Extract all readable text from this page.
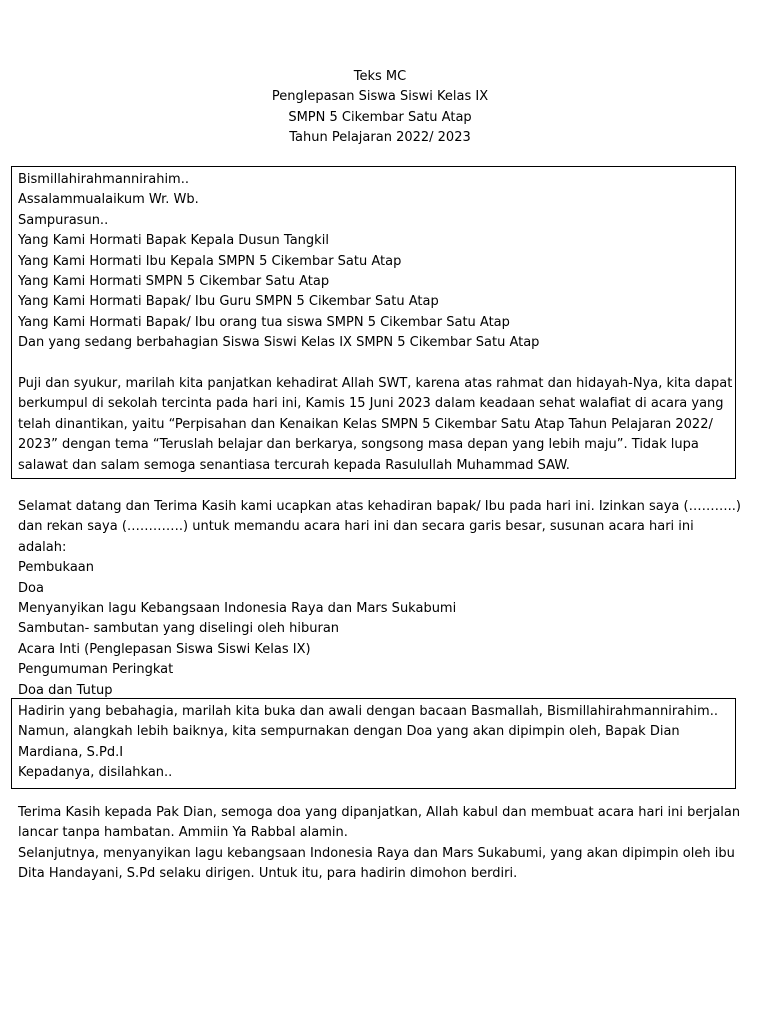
Teks MC
Penglepasan Siswa Siswi Kelas IX
SMPN 5 Cikembar Satu Atap
Tahun Pelajaran 2022/ 2023
Bismillahirahmannirahim..
Assalammualaikum Wr. Wb.
Sampurasun..
Yang Kami Hormati Bapak Kepala Dusun Tangkil
Yang Kami Hormati Ibu Kepala SMPN 5 Cikembar Satu Atap
Yang Kami Hormati SMPN 5 Cikembar Satu Atap
Yang Kami Hormati Bapak/ Ibu Guru SMPN 5 Cikembar Satu Atap
Yang Kami Hormati Bapak/ Ibu orang tua siswa SMPN 5 Cikembar Satu Atap
Dan yang sedang berbahagian Siswa Siswi Kelas IX SMPN 5 Cikembar Satu Atap
Puji dan syukur, marilah kita panjatkan kehadirat Allah SWT, karena atas rahmat dan hidayah-Nya, kita dapat berkumpul di sekolah tercinta pada hari ini, Kamis 15 Juni 2023 dalam keadaan sehat walafiat di acara yang telah dinantikan, yaitu “Perpisahan dan Kenaikan Kelas SMPN 5 Cikembar Satu Atap Tahun Pelajaran 2022/ 2023” dengan tema “Teruslah belajar dan berkarya, songsong masa depan yang lebih maju”. Tidak lupa salawat dan salam semoga senantiasa tercurah kepada Rasulullah Muhammad SAW.
Selamat datang dan Terima Kasih kami ucapkan atas kehadiran bapak/ Ibu pada hari ini. Izinkan saya (………..) dan rekan saya (………….) untuk memandu acara hari ini dan secara garis besar, susunan acara hari ini adalah:
Pembukaan
Doa
Menyanyikan lagu Kebangsaan Indonesia Raya dan Mars Sukabumi
Sambutan- sambutan yang diselingi oleh hiburan
Acara Inti (Penglepasan Siswa Siswi Kelas IX)
Pengumuman Peringkat
Doa dan Tutup
Hadirin yang bebahagia, marilah kita buka dan awali dengan bacaan Basmallah, Bismillahirahmannirahim..
Namun, alangkah lebih baiknya, kita sempurnakan dengan Doa yang akan dipimpin oleh, Bapak Dian Mardiana, S.Pd.I
Kepadanya, disilahkan..
Terima Kasih kepada Pak Dian, semoga doa yang dipanjatkan, Allah kabul dan membuat acara hari ini berjalan lancar tanpa hambatan. Ammiin Ya Rabbal alamin.
Selanjutnya, menyanyikan lagu kebangsaan Indonesia Raya dan Mars Sukabumi, yang akan dipimpin oleh ibu Dita Handayani, S.Pd selaku dirigen. Untuk itu, para hadirin dimohon berdiri.
